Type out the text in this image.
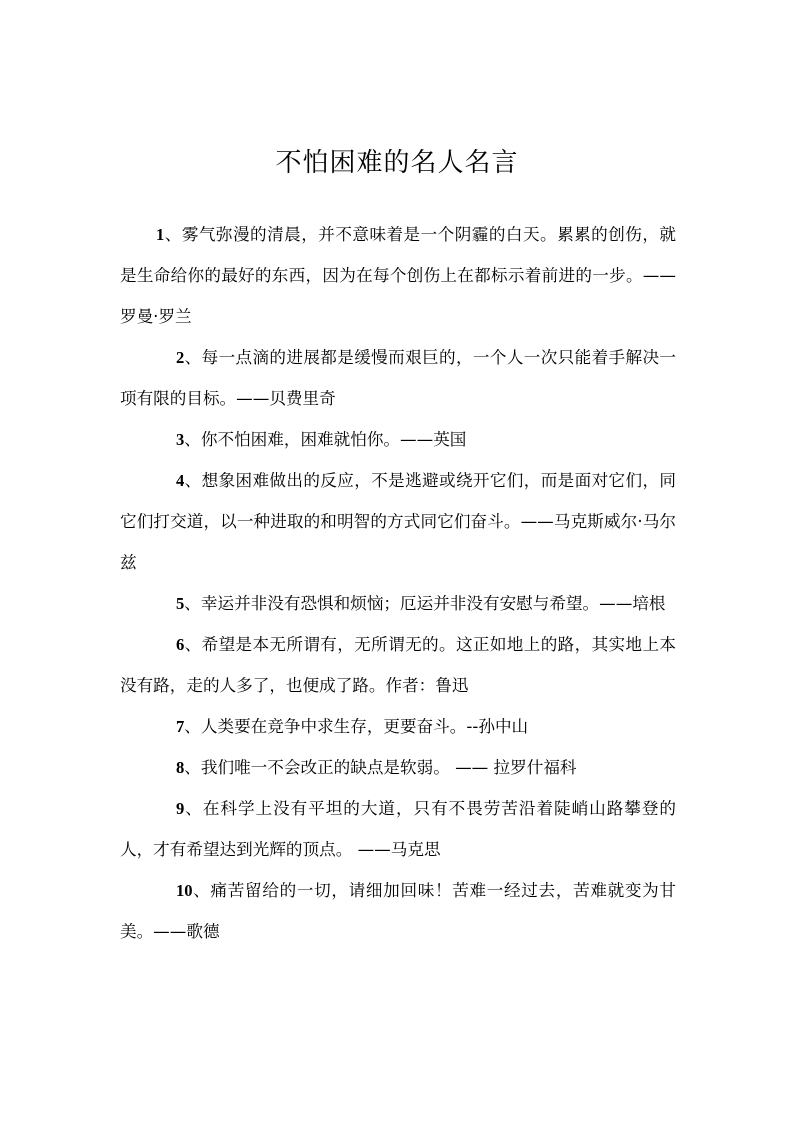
不怕困难的名人名言

1、雾气弥漫的清晨，并不意味着是一个阴霾的白天。累累的创伤，就是生命给你的最好的东西，因为在每个创伤上在都标示着前进的一步。——罗曼·罗兰

2、每一点滴的进展都是缓慢而艰巨的，一个人一次只能着手解决一项有限的目标。——贝费里奇

3、你不怕困难，困难就怕你。——英国

4、想象困难做出的反应，不是逃避或绕开它们，而是面对它们，同它们打交道，以一种进取的和明智的方式同它们奋斗。——马克斯威尔·马尔兹

5、幸运并非没有恐惧和烦恼；厄运并非没有安慰与希望。——培根

6、希望是本无所谓有，无所谓无的。这正如地上的路，其实地上本没有路，走的人多了，也便成了路。作者：鲁迅

7、人类要在竞争中求生存，更要奋斗。--孙中山

8、我们唯一不会改正的缺点是软弱。 —— 拉罗什福科

9、在科学上没有平坦的大道，只有不畏劳苦沿着陡峭山路攀登的人，才有希望达到光辉的顶点。 ——马克思

10、痛苦留给的一切，请细加回味！苦难一经过去，苦难就变为甘美。——歌德
